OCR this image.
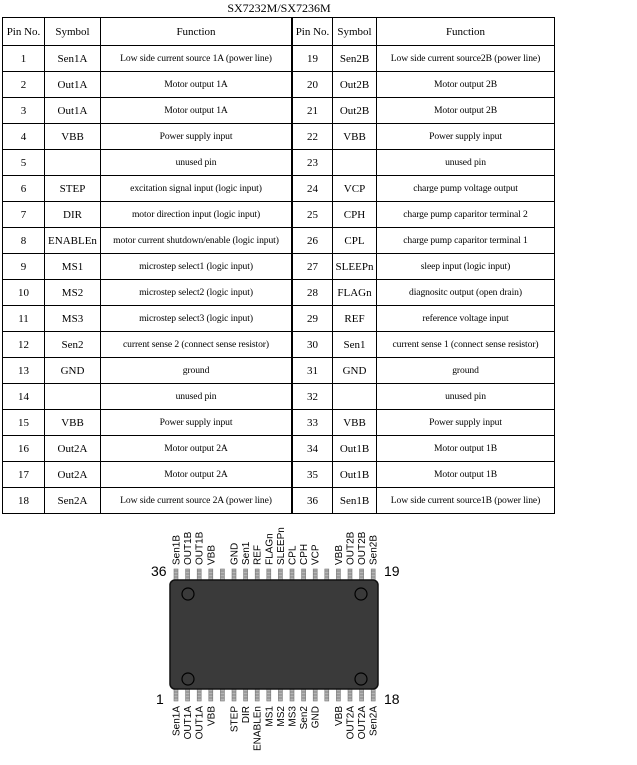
SX7232M/SX7236M
Pin No.	Symbol	Function
1	Sen1A	Low side current source 1A (power line)
2	Out1A	Motor output 1A
3	Out1A	Motor output 1A
4	VBB	Power supply input
5		unused pin
6	STEP	excitation signal input (logic input)
7	DIR	motor direction input (logic input)
8	ENABLEn	motor current shutdown/enable (logic input)
9	MS1	microstep select1 (logic input)
10	MS2	microstep select2 (logic input)
11	MS3	microstep select3 (logic input)
12	Sen2	current sense 2 (connect sense resistor)
13	GND	ground
14		unused pin
15	VBB	Power supply input
16	Out2A	Motor output 2A
17	Out2A	Motor output 2A
18	Sen2A	Low side current source 2A (power line)
Pin No.	Symbol	Function
19	Sen2B	Low side current source2B (power line)
20	Out2B	Motor output 2B
21	Out2B	Motor output 2B
22	VBB	Power supply input
23		unused pin
24	VCP	charge pump voltage output
25	CPH	charge pump caparitor terminal 2
26	CPL	charge pump caparitor terminal 1
27	SLEEPn	sleep input (logic input)
28	FLAGn	diagnositc output (open drain)
29	REF	reference voltage input
30	Sen1	current sense 1 (connect sense resistor)
31	GND	ground
32		unused pin
33	VBB	Power supply input
34	Out1B	Motor output 1B
35	Out1B	Motor output 1B
36	Sen1B	Low side current source1B (power line)
36	19
1	18
Sen1B OUT1B OUT1B VBB GND Sen1 REF FLAGn SLEEPn CPL CPH VCP VBB OUT2B OUT2B Sen2B
Sen1A OUT1A OUT1A VBB STEP DIR ENABLEn MS1 MS2 MS3 Sen2 GND VBB OUT2A OUT2A Sen2A
